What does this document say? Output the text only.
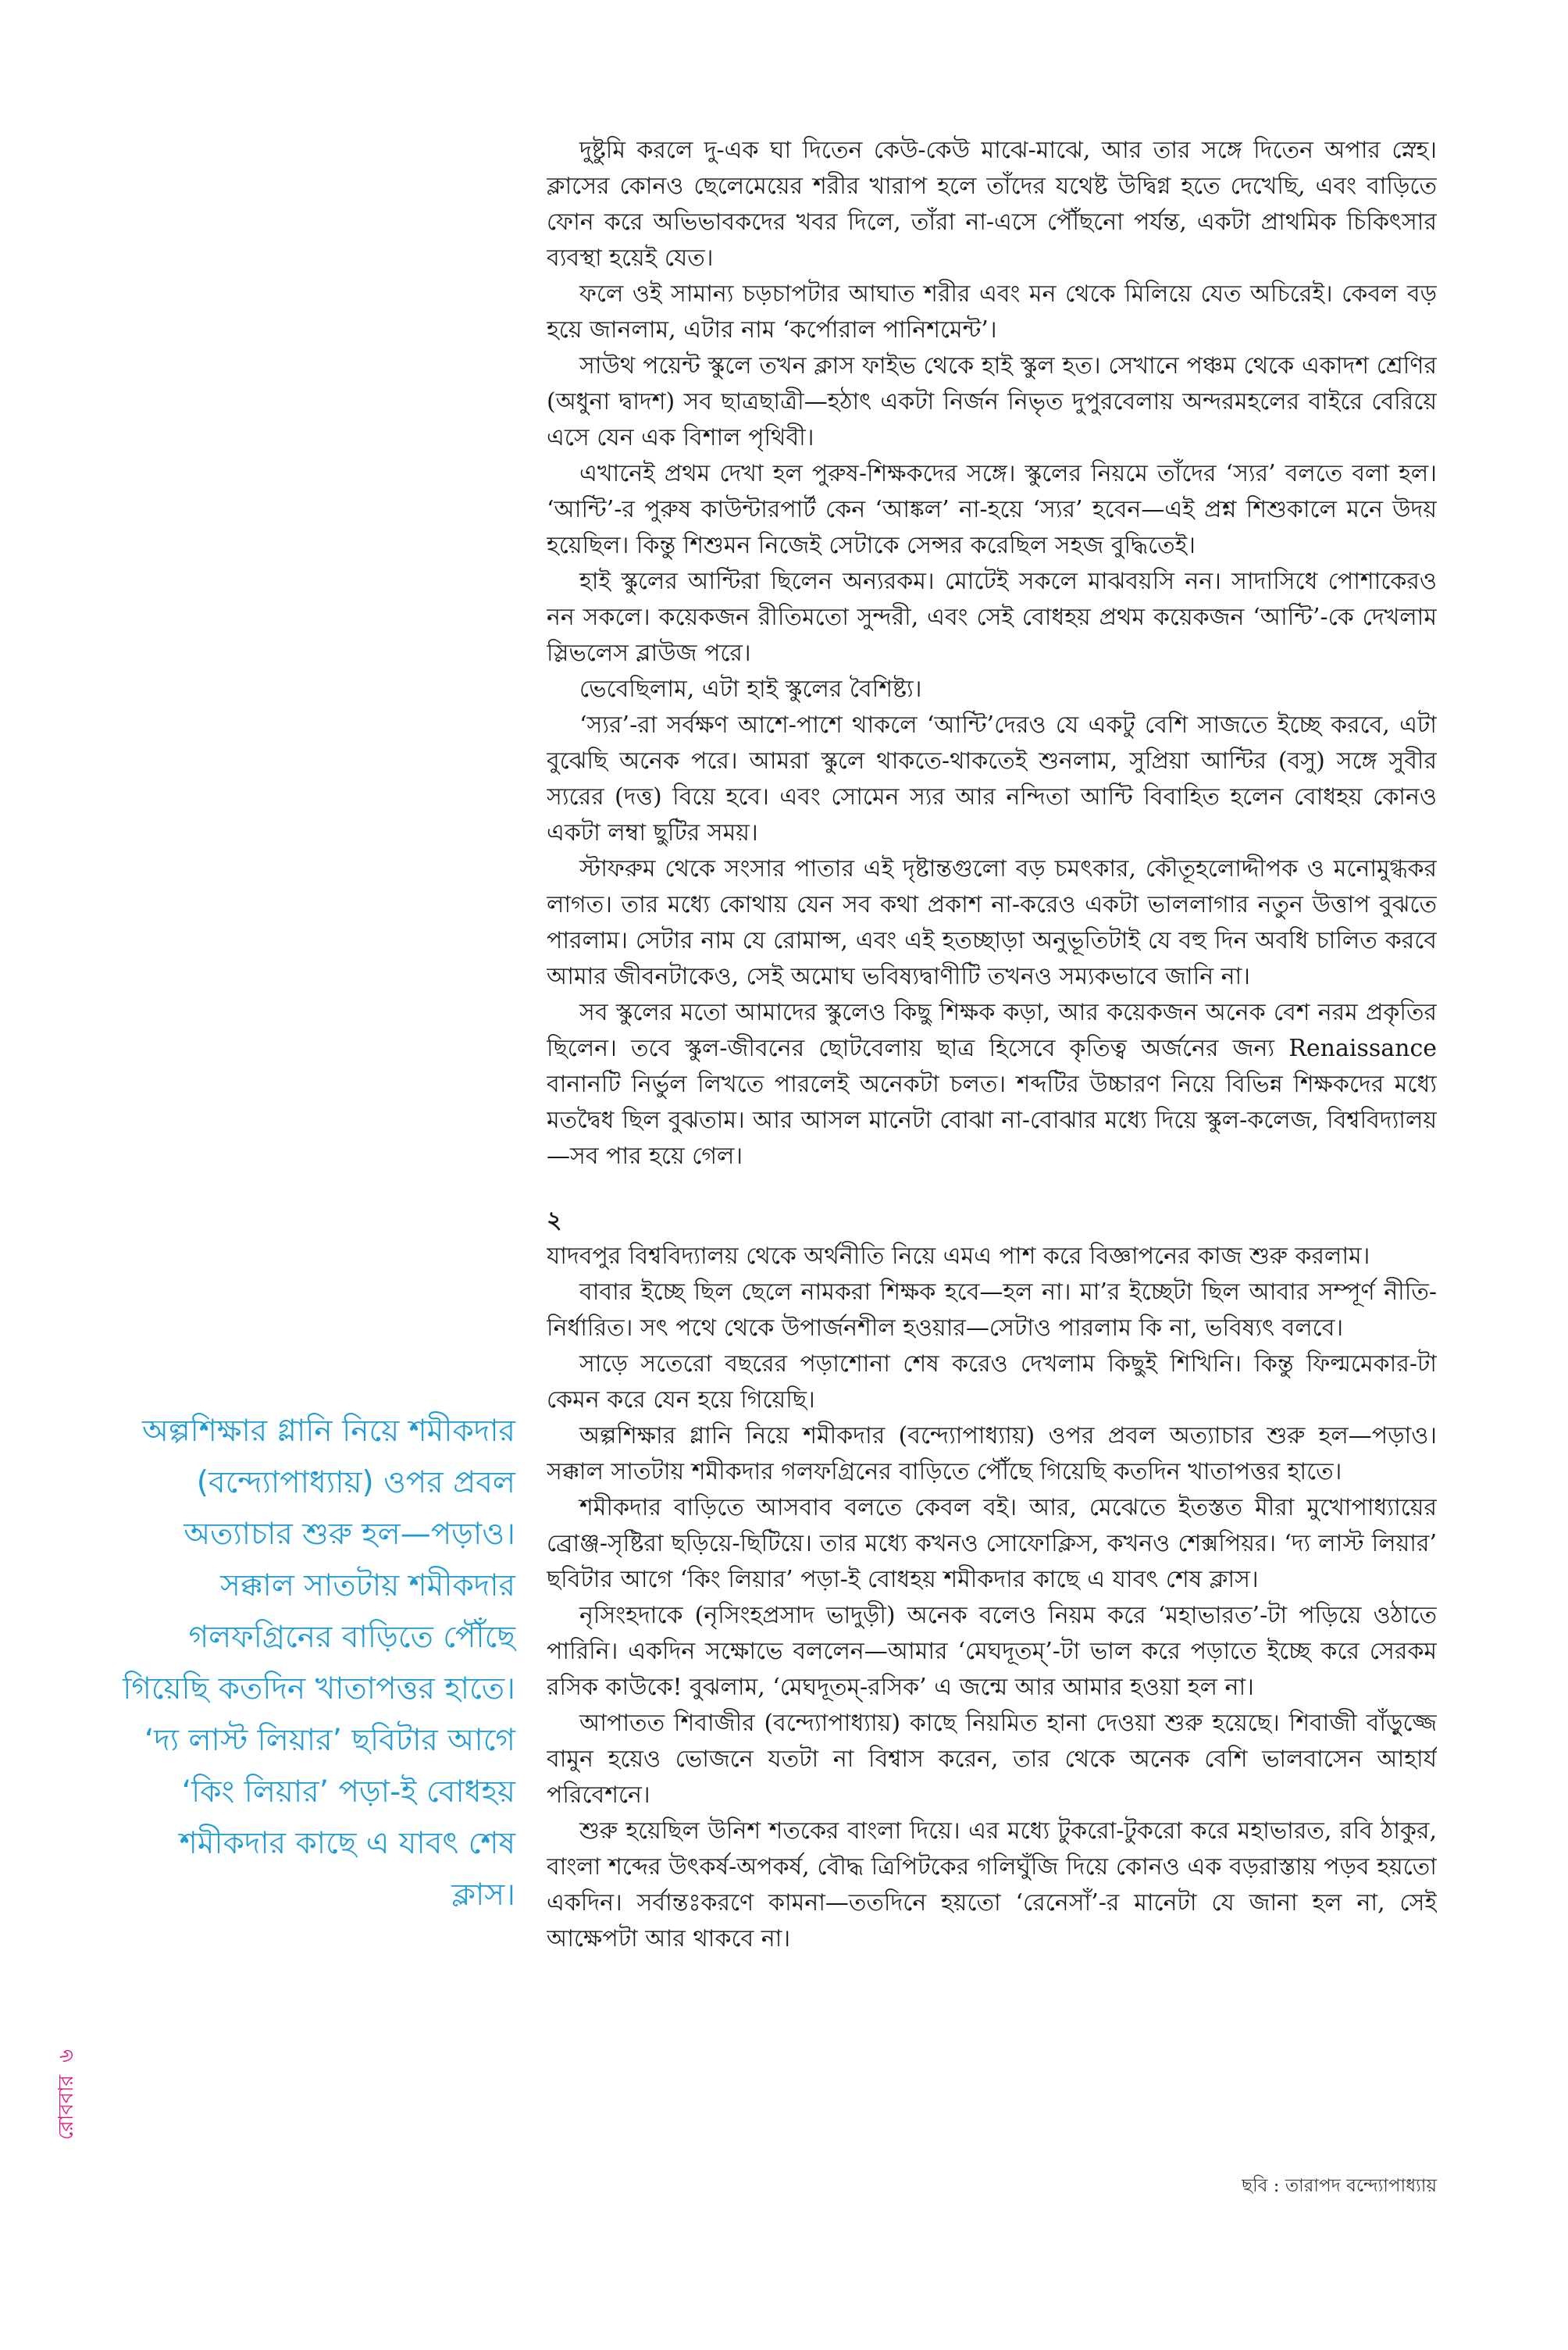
দুষ্টুমি করলে দু-এক ঘা দিতেন কেউ-কেউ মাঝে-মাঝে, আর তার সঙ্গে দিতেন অপার স্নেহ। ক্লাসের কোনও ছেলেমেয়ের শরীর খারাপ হলে তাঁদের যথেষ্ট উদ্বিগ্ন হতে দেখেছি, এবং বাড়িতে ফোন করে অভিভাবকদের খবর দিলে, তাঁরা না-এসে পৌঁছনো পর্যন্ত, একটা প্রাথমিক চিকিৎসার ব্যবস্থা হয়েই যেত।

ফলে ওই সামান্য চড়চাপটার আঘাত শরীর এবং মন থেকে মিলিয়ে যেত অচিরেই। কেবল বড় হয়ে জানলাম, এটার নাম ‘কর্পোরাল পানিশমেন্ট’।

সাউথ পয়েন্ট স্কুলে তখন ক্লাস ফাইভ থেকে হাই স্কুল হত। সেখানে পঞ্চম থেকে একাদশ শ্রেণির (অধুনা দ্বাদশ) সব ছাত্রছাত্রী—হঠাৎ একটা নির্জন নিভৃত দুপুরবেলায় অন্দরমহলের বাইরে বেরিয়ে এসে যেন এক বিশাল পৃথিবী।

এখানেই প্রথম দেখা হল পুরুষ-শিক্ষকদের সঙ্গে। স্কুলের নিয়মে তাঁদের ‘স্যর’ বলতে বলা হল। ‘আন্টি’-র পুরুষ কাউন্টারপার্ট কেন ‘আঙ্কল’ না-হয়ে ‘স্যর’ হবেন—এই প্রশ্ন শিশুকালে মনে উদয় হয়েছিল। কিন্তু শিশুমন নিজেই সেটাকে সেন্সর করেছিল সহজ বুদ্ধিতেই।

হাই স্কুলের আন্টিরা ছিলেন অন্যরকম। মোটেই সকলে মাঝবয়সি নন। সাদাসিধে পোশাকেরও নন সকলে। কয়েকজন রীতিমতো সুন্দরী, এবং সেই বোধহয় প্রথম কয়েকজন ‘আন্টি’-কে দেখলাম স্লিভলেস ব্লাউজ পরে।

ভেবেছিলাম, এটা হাই স্কুলের বৈশিষ্ট্য।

‘স্যর’-রা সর্বক্ষণ আশে-পাশে থাকলে ‘আন্টি’দেরও যে একটু বেশি সাজতে ইচ্ছে করবে, এটা বুঝেছি অনেক পরে। আমরা স্কুলে থাকতে-থাকতেই শুনলাম, সুপ্রিয়া আন্টির (বসু) সঙ্গে সুবীর স্যরের (দত্ত) বিয়ে হবে। এবং সোমেন স্যর আর নন্দিতা আন্টি বিবাহিত হলেন বোধহয় কোনও একটা লম্বা ছুটির সময়।

স্টাফরুম থেকে সংসার পাতার এই দৃষ্টান্তগুলো বড় চমৎকার, কৌতূহলোদ্দীপক ও মনোমুগ্ধকর লাগত। তার মধ্যে কোথায় যেন সব কথা প্রকাশ না-করেও একটা ভাললাগার নতুন উত্তাপ বুঝতে পারলাম। সেটার নাম যে রোমান্স, এবং এই হতচ্ছাড়া অনুভূতিটাই যে বহু দিন অবধি চালিত করবে আমার জীবনটাকেও, সেই অমোঘ ভবিষ্যদ্বাণীটি তখনও সম্যকভাবে জানি না।

সব স্কুলের মতো আমাদের স্কুলেও কিছু শিক্ষক কড়া, আর কয়েকজন অনেক বেশ নরম প্রকৃতির ছিলেন। তবে স্কুল-জীবনের ছোটবেলায় ছাত্র হিসেবে কৃতিত্ব অর্জনের জন্য Renaissance বানানটি নির্ভুল লিখতে পারলেই অনেকটা চলত। শব্দটির উচ্চারণ নিয়ে বিভিন্ন শিক্ষকদের মধ্যে মতদ্বৈধ ছিল বুঝতাম। আর আসল মানেটা বোঝা না-বোঝার মধ্যে দিয়ে স্কুল-কলেজ, বিশ্ববিদ্যালয়—সব পার হয়ে গেল।

২

যাদবপুর বিশ্ববিদ্যালয় থেকে অর্থনীতি নিয়ে এমএ পাশ করে বিজ্ঞাপনের কাজ শুরু করলাম।

বাবার ইচ্ছে ছিল ছেলে নামকরা শিক্ষক হবে—হল না। মা’র ইচ্ছেটা ছিল আবার সম্পূর্ণ নীতি-নির্ধারিত। সৎ পথে থেকে উপার্জনশীল হওয়ার—সেটাও পারলাম কি না, ভবিষ্যৎ বলবে।

সাড়ে সতেরো বছরের পড়াশোনা শেষ করেও দেখলাম কিছুই শিখিনি। কিন্তু ফিল্মমেকার-টা কেমন করে যেন হয়ে গিয়েছি।

অল্পশিক্ষার গ্লানি নিয়ে শমীকদার (বন্দ্যোপাধ্যায়) ওপর প্রবল অত্যাচার শুরু হল—পড়াও। সক্কাল সাতটায় শমীকদার গলফগ্রিনের বাড়িতে পৌঁছে গিয়েছি কতদিন খাতাপত্তর হাতে।

শমীকদার বাড়িতে আসবাব বলতে কেবল বই। আর, মেঝেতে ইতস্তত মীরা মুখোপাধ্যায়ের ব্রোঞ্জ-সৃষ্টিরা ছড়িয়ে-ছিটিয়ে। তার মধ্যে কখনও সোফোক্লিস, কখনও শেক্সপিয়র। ‘দ্য লাস্ট লিয়ার’ ছবিটার আগে ‘কিং লিয়ার’ পড়া-ই বোধহয় শমীকদার কাছে এ যাবৎ শেষ ক্লাস।

নৃসিংহদাকে (নৃসিংহপ্রসাদ ভাদুড়ী) অনেক বলেও নিয়ম করে ‘মহাভারত’-টা পড়িয়ে ওঠাতে পারিনি। একদিন সক্ষোভে বললেন—আমার ‘মেঘদূতম্’-টা ভাল করে পড়াতে ইচ্ছে করে সেরকম রসিক কাউকে! বুঝলাম, ‘মেঘদূতম্-রসিক’ এ জন্মে আর আমার হওয়া হল না।

আপাতত শিবাজীর (বন্দ্যোপাধ্যায়) কাছে নিয়মিত হানা দেওয়া শুরু হয়েছে। শিবাজী বাঁড়ুজ্জে বামুন হয়েও ভোজনে যতটা না বিশ্বাস করেন, তার থেকে অনেক বেশি ভালবাসেন আহার্য পরিবেশনে।

শুরু হয়েছিল উনিশ শতকের বাংলা দিয়ে। এর মধ্যে টুকরো-টুকরো করে মহাভারত, রবি ঠাকুর, বাংলা শব্দের উৎকর্ষ-অপকর্ষ, বৌদ্ধ ত্রিপিটকের গলিঘুঁজি দিয়ে কোনও এক বড়রাস্তায় পড়ব হয়তো একদিন। সর্বান্তঃকরণে কামনা—ততদিনে হয়তো ‘রেনেসাঁ’-র মানেটা যে জানা হল না, সেই আক্ষেপটা আর থাকবে না।

অল্পশিক্ষার গ্লানি নিয়ে শমীকদার (বন্দ্যোপাধ্যায়) ওপর প্রবল অত্যাচার শুরু হল—পড়াও। সক্কাল সাতটায় শমীকদার গলফগ্রিনের বাড়িতে পৌঁছে গিয়েছি কতদিন খাতাপত্তর হাতে। ‘দ্য লাস্ট লিয়ার’ ছবিটার আগে ‘কিং লিয়ার’ পড়া-ই বোধহয় শমীকদার কাছে এ যাবৎ শেষ ক্লাস।

ছবি : তারাপদ বন্দ্যোপাধ্যায়

রোববার৬
